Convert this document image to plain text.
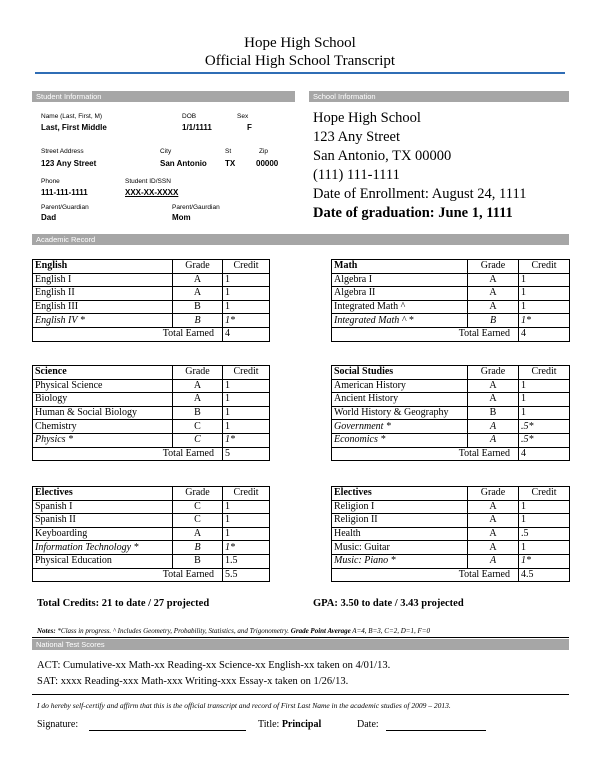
Hope High School
Official High School Transcript
Student Information	School Information
Name (Last, First, M)
Last, First Middle
DOB
1/1/1111
Sex
F
Street Address
123 Any Street
City
San Antonio
St
TX
Zip
00000
Phone
111-111-1111
Student ID/SSN
XXX-XX-XXXX
Parent/Guardian
Dad
Parent/Gaurdian
Mom
Hope High School
123 Any Street
San Antonio, TX 00000
(111) 111-1111
Date of Enrollment: August 24, 1111
Date of graduation: June 1, 1111
Academic Record
English	Grade	Credit
English I	A	1
English II	A	1
English III	B	1
English IV *	B	1*
Total Earned		4
Math	Grade	Credit
Algebra I	A	1
Algebra II	A	1
Integrated Math ^	A	1
Integrated Math ^ *	B	1*
Total Earned		4
Science	Grade	Credit
Physical Science	A	1
Biology	A	1
Human & Social Biology	B	1
Chemistry	C	1
Physics *	C	1*
Total Earned		5
Social Studies	Grade	Credit
American History	A	1
Ancient History	A	1
World History & Geography	B	1
Government *	A	.5*
Economics *	A	.5*
Total Earned		4
Electives	Grade	Credit
Spanish I	C	1
Spanish II	C	1
Keyboarding	A	1
Information Technology *	B	1*
Physical Education	B	1.5
Total Earned		5.5
Electives	Grade	Credit
Religion I	A	1
Religion II	A	1
Health	A	.5
Music: Guitar	A	1
Music: Piano *	A	1*
Total Earned		4.5
Total Credits: 21 to date / 27 projected	GPA: 3.50 to date / 3.43 projected
Notes: *Class in progress. ^ Includes Geometry, Probability, Statistics, and Trigonometry. Grade Point Average A=4, B=3, C=2, D=1, F=0
National Test Scores
ACT: Cumulative-xx Math-xx Reading-xx Science-xx English-xx taken on 4/01/13.
SAT: xxxx Reading-xxx Math-xxx Writing-xxx Essay-x taken on 1/26/13.
I do hereby self-certify and affirm that this is the official transcript and record of First Last Name in the academic studies of 2009 – 2013.
Signature:	Title: Principal	Date:
